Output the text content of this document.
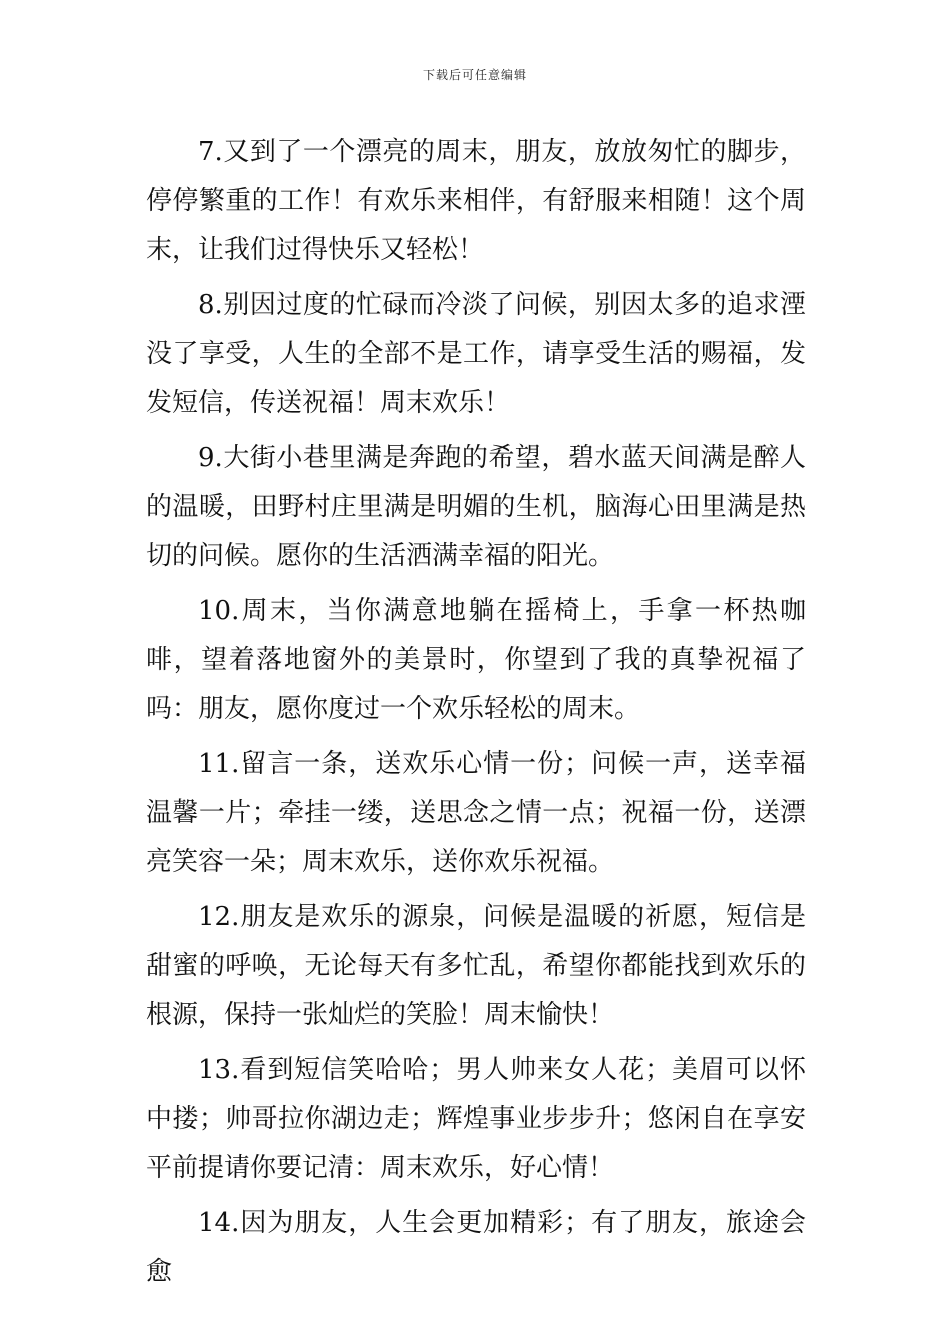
下载后可任意编辑

7.又到了一个漂亮的周末，朋友，放放匆忙的脚步，停停繁重的工作！有欢乐来相伴，有舒服来相随！这个周末，让我们过得快乐又轻松！

8.别因过度的忙碌而冷淡了问候，别因太多的追求湮没了享受，人生的全部不是工作，请享受生活的赐福，发发短信，传送祝福！周末欢乐！

9.大街小巷里满是奔跑的希望，碧水蓝天间满是醉人的温暖，田野村庄里满是明媚的生机，脑海心田里满是热切的问候。愿你的生活洒满幸福的阳光。

10.周末，当你满意地躺在摇椅上，手拿一杯热咖啡，望着落地窗外的美景时，你望到了我的真挚祝福了吗：朋友，愿你度过一个欢乐轻松的周末。

11.留言一条，送欢乐心情一份；问候一声，送幸福温馨一片；牵挂一缕，送思念之情一点；祝福一份，送漂亮笑容一朵；周末欢乐，送你欢乐祝福。

12.朋友是欢乐的源泉，问候是温暖的祈愿，短信是甜蜜的呼唤，无论每天有多忙乱，希望你都能找到欢乐的根源，保持一张灿烂的笑脸！周末愉快！

13.看到短信笑哈哈；男人帅来女人花；美眉可以怀中搂；帅哥拉你湖边走；辉煌事业步步升；悠闲自在享安平前提请你要记清：周末欢乐，好心情！

14.因为朋友，人生会更加精彩；有了朋友，旅途会愈
